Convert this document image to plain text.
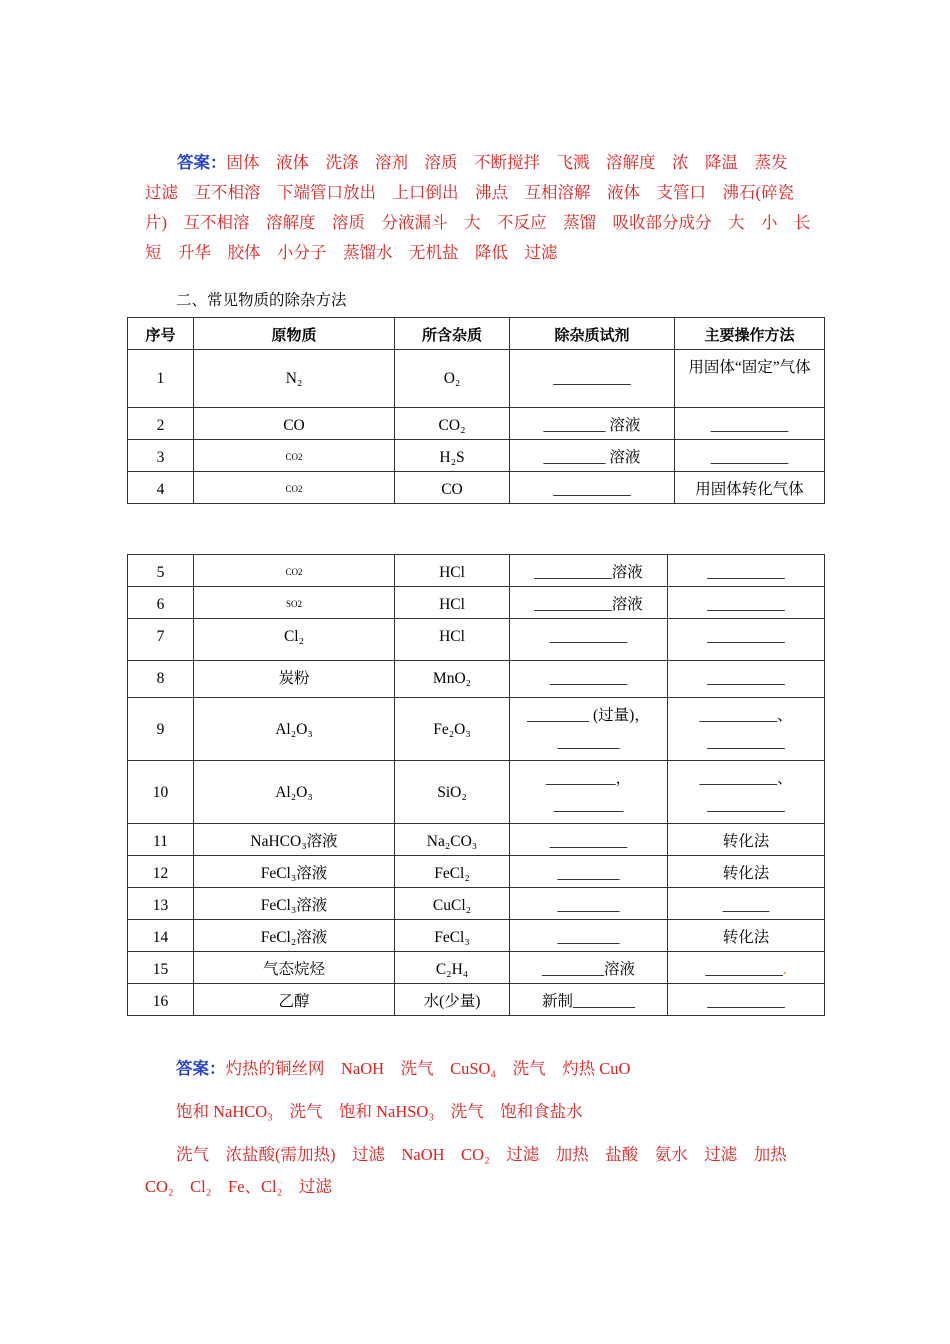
答案：固体　液体　洗涤　溶剂　溶质　不断搅拌　飞溅　溶解度　浓　降温　蒸发　过滤　互不相溶　下端管口放出　上口倒出　沸点　互相溶解　液体　支管口　沸石(碎瓷片)　互不相溶　溶解度　溶质　分液漏斗　大　不反应　蒸馏　吸收部分成分　大　小　长　短　升华　胶体　小分子　蒸馏水　无机盐　降低　过滤
二、常见物质的除杂方法
序号	原物质	所含杂质	除杂质试剂	主要操作方法
1	N₂	O₂	__________	用固体“固定”气体
2	CO	CO₂	________ 溶液	__________
3	CO2	H₂S	________ 溶液	__________
4	CO2	CO	__________	用固体转化气体
5	CO2	HCl	__________溶液	__________
6	SO2	HCl	__________溶液	__________
7	Cl₂	HCl	__________	__________
8	炭粉	MnO₂	__________	__________
9	Al₂O₃	Fe₂O₃	________ (过量)，________	__________、__________
10	Al₂O₃	SiO₂	_________，_________	__________、__________
11	NaHCO₃溶液	Na₂CO₃	__________	转化法
12	FeCl₃溶液	FeCl₂	________	转化法
13	FeCl₃溶液	CuCl₂	________	______
14	FeCl₂溶液	FeCl₃	________	转化法
15	气态烷烃	C₂H₄	________溶液	__________.
16	乙醇	水(少量)	新制________	__________
答案：灼热的铜丝网　NaOH　洗气　CuSO₄　洗气　灼热 CuO
饱和 NaHCO₃　洗气　饱和 NaHSO₃　洗气　饱和食盐水
洗气　浓盐酸(需加热)　过滤　NaOH　CO₂　过滤　加热　盐酸　氨水　过滤　加热
CO₂　Cl₂　Fe、Cl₂　过滤
